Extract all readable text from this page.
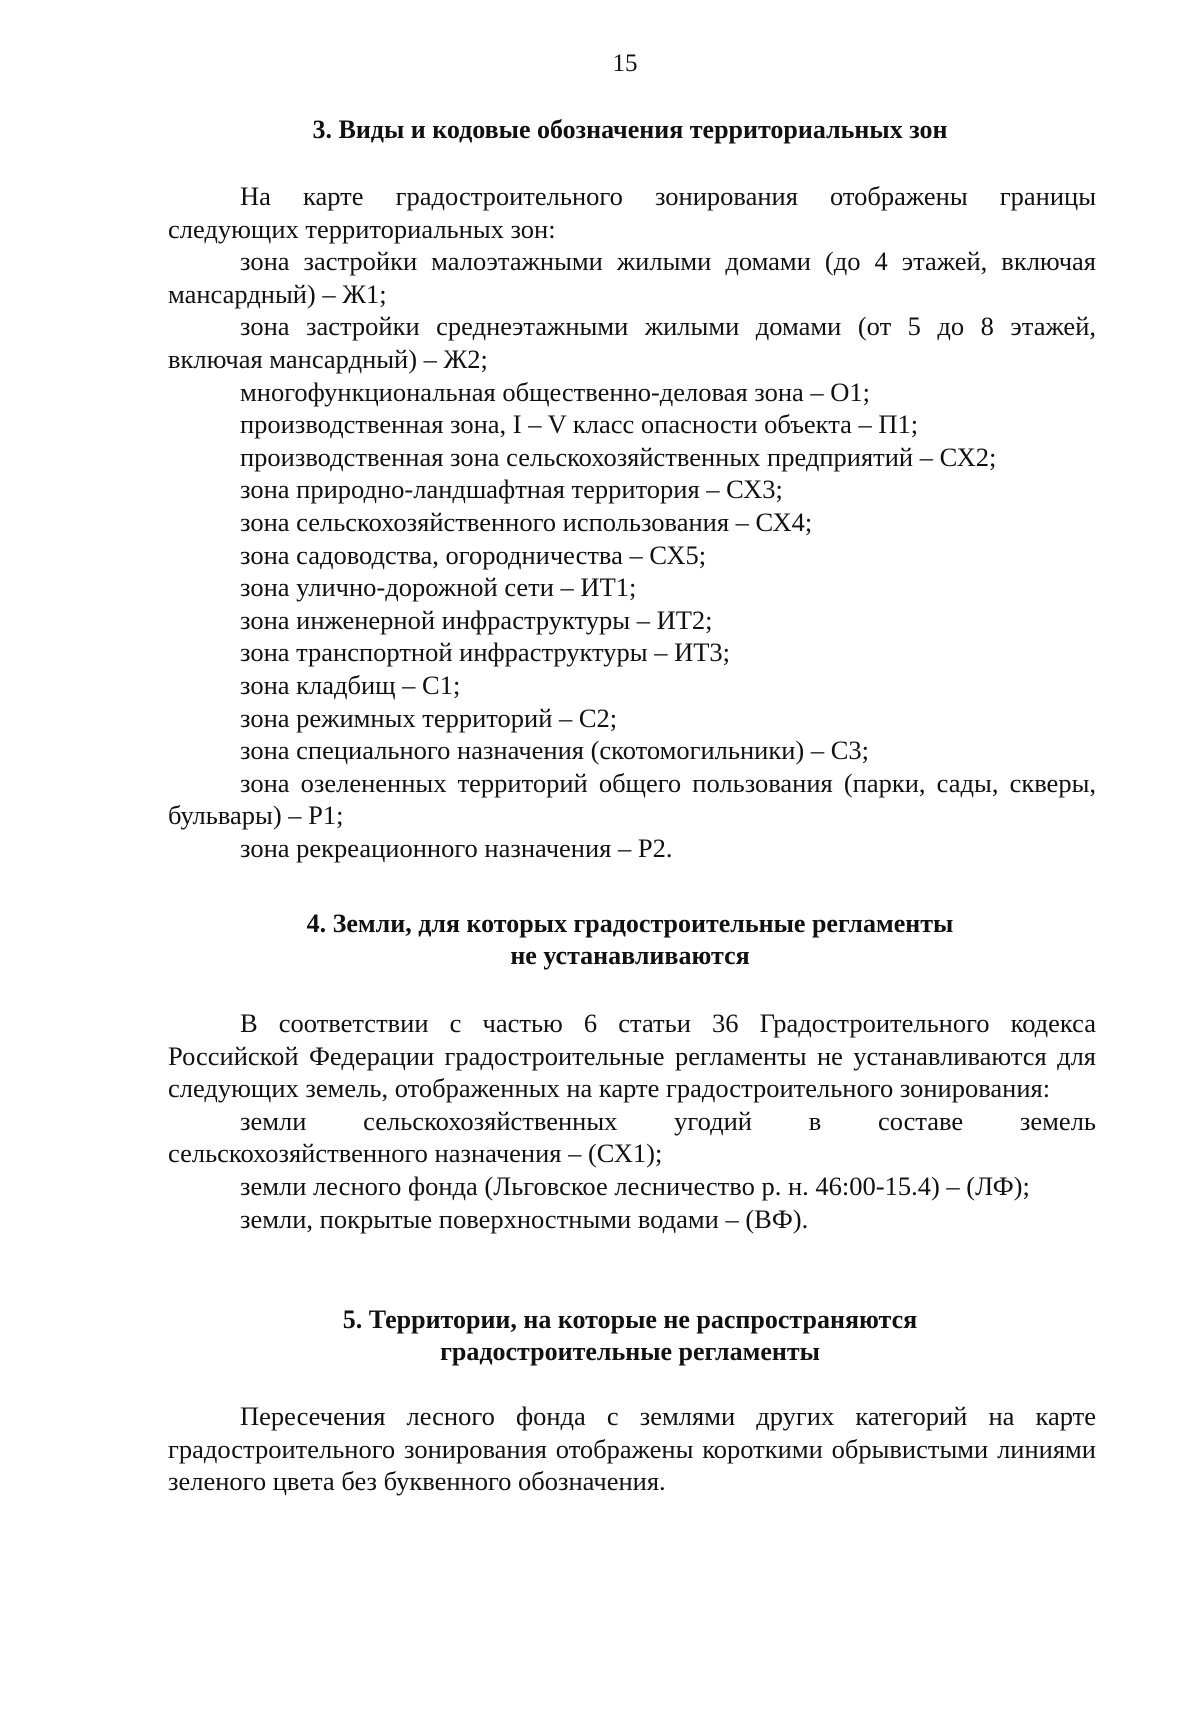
15
3. Виды и кодовые обозначения территориальных зон
На карте градостроительного зонирования отображены границы следующих территориальных зон:
зона застройки малоэтажными жилыми домами (до 4 этажей, включая мансардный) – Ж1;
зона застройки среднеэтажными жилыми домами (от 5 до 8 этажей, включая мансардный) – Ж2;
многофункциональная общественно-деловая зона – О1;
производственная зона, I – V класс опасности объекта – П1;
производственная зона сельскохозяйственных предприятий – СХ2;
зона природно-ландшафтная территория – СХ3;
зона сельскохозяйственного использования – СХ4;
зона садоводства, огородничества – СХ5;
зона улично-дорожной сети – ИТ1;
зона инженерной инфраструктуры – ИТ2;
зона транспортной инфраструктуры – ИТ3;
зона кладбищ – С1;
зона режимных территорий – С2;
зона специального назначения (скотомогильники) – С3;
зона озелененных территорий общего пользования (парки, сады, скверы, бульвары) – Р1;
зона рекреационного назначения – Р2.
4. Земли, для которых градостроительные регламенты
не устанавливаются
В соответствии с частью 6 статьи 36 Градостроительного кодекса Российской Федерации градостроительные регламенты не устанавливаются для следующих земель, отображенных на карте градостроительного зонирования:
земли сельскохозяйственных угодий в составе земель сельскохозяйственного назначения – (СХ1);
земли лесного фонда (Льговское лесничество р. н. 46:00-15.4) – (ЛФ);
земли, покрытые поверхностными водами – (ВФ).
5. Территории, на которые не распространяются
градостроительные регламенты
Пересечения лесного фонда с землями других категорий на карте градостроительного зонирования отображены короткими обрывистыми линиями зеленого цвета без буквенного обозначения.
